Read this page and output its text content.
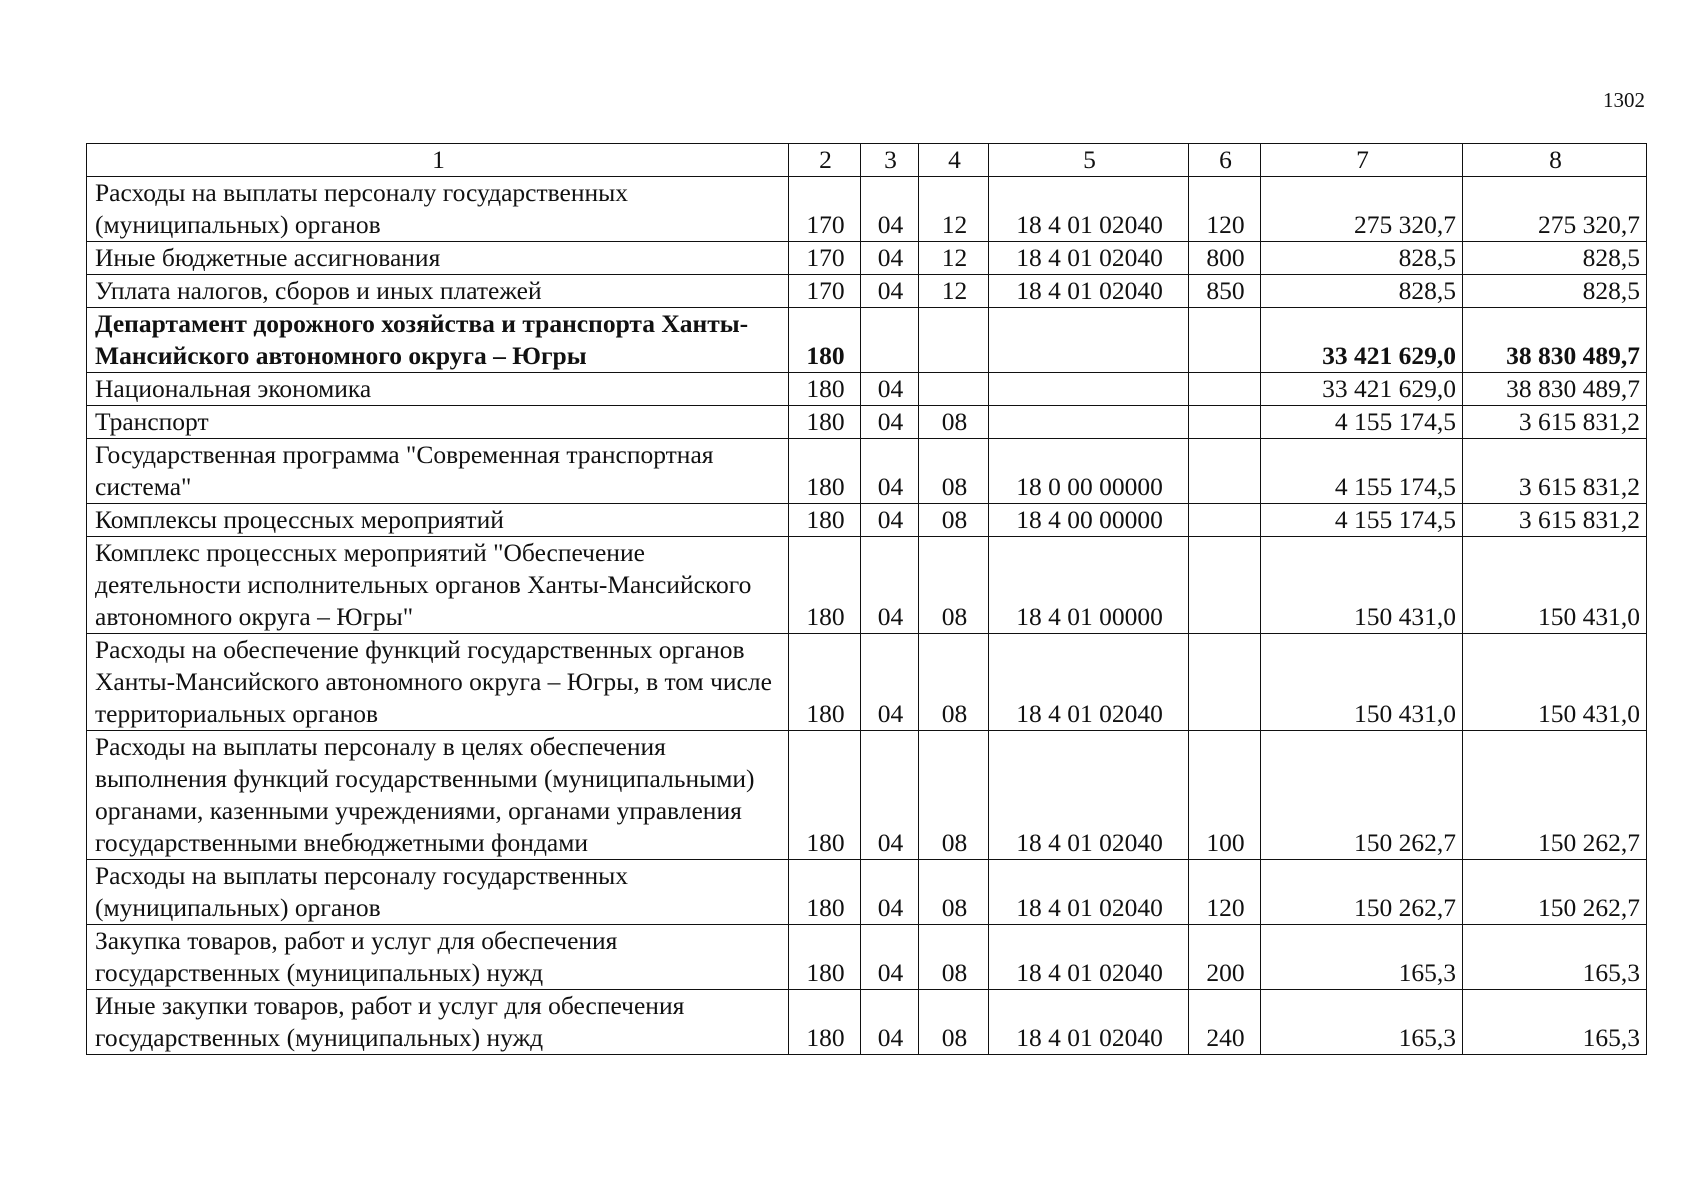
1302
1	2	3	4	5	6	7	8
Расходы на выплаты персоналу государственных (муниципальных) органов	170	04	12	18 4 01 02040	120	275 320,7	275 320,7
Иные бюджетные ассигнования	170	04	12	18 4 01 02040	800	828,5	828,5
Уплата налогов, сборов и иных платежей	170	04	12	18 4 01 02040	850	828,5	828,5
Департамент дорожного хозяйства и транспорта Ханты-Мансийского автономного округа – Югры	180					33 421 629,0	38 830 489,7
Национальная экономика	180	04				33 421 629,0	38 830 489,7
Транспорт	180	04	08			4 155 174,5	3 615 831,2
Государственная программа "Современная транспортная система"	180	04	08	18 0 00 00000		4 155 174,5	3 615 831,2
Комплексы процессных мероприятий	180	04	08	18 4 00 00000		4 155 174,5	3 615 831,2
Комплекс процессных мероприятий "Обеспечение деятельности исполнительных органов Ханты-Мансийского автономного округа – Югры"	180	04	08	18 4 01 00000		150 431,0	150 431,0
Расходы на обеспечение функций государственных органов Ханты-Мансийского автономного округа – Югры, в том числе территориальных органов	180	04	08	18 4 01 02040		150 431,0	150 431,0
Расходы на выплаты персоналу в целях обеспечения выполнения функций государственными (муниципальными) органами, казенными учреждениями, органами управления государственными внебюджетными фондами	180	04	08	18 4 01 02040	100	150 262,7	150 262,7
Расходы на выплаты персоналу государственных (муниципальных) органов	180	04	08	18 4 01 02040	120	150 262,7	150 262,7
Закупка товаров, работ и услуг для обеспечения государственных (муниципальных) нужд	180	04	08	18 4 01 02040	200	165,3	165,3
Иные закупки товаров, работ и услуг для обеспечения государственных (муниципальных) нужд	180	04	08	18 4 01 02040	240	165,3	165,3
